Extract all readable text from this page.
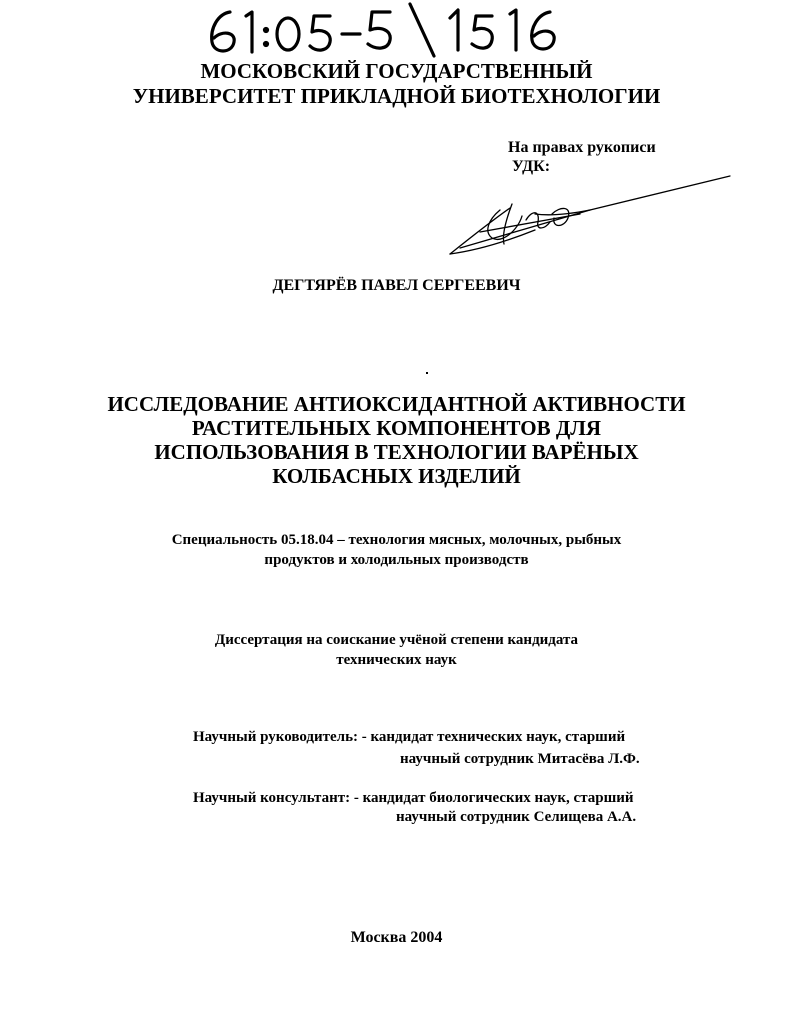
МОСКОВСКИЙ ГОСУДАРСТВЕННЫЙ
УНИВЕРСИТЕТ ПРИКЛАДНОЙ БИОТЕХНОЛОГИИ
На правах рукописи
УДК:
ДЕГТЯРЁВ ПАВЕЛ СЕРГЕЕВИЧ
ИССЛЕДОВАНИЕ АНТИОКСИДАНТНОЙ АКТИВНОСТИ
РАСТИТЕЛЬНЫХ КОМПОНЕНТОВ ДЛЯ
ИСПОЛЬЗОВАНИЯ В ТЕХНОЛОГИИ ВАРЁНЫХ
КОЛБАСНЫХ ИЗДЕЛИЙ
Специальность 05.18.04 – технология мясных, молочных, рыбных
продуктов и холодильных производств
Диссертация на соискание учёной степени кандидата
технических наук
Научный руководитель: - кандидат технических наук, старший
научный сотрудник Митасёва Л.Ф.
Научный консультант: - кандидат биологических наук, старший
научный сотрудник Селищева А.А.
Москва 2004
